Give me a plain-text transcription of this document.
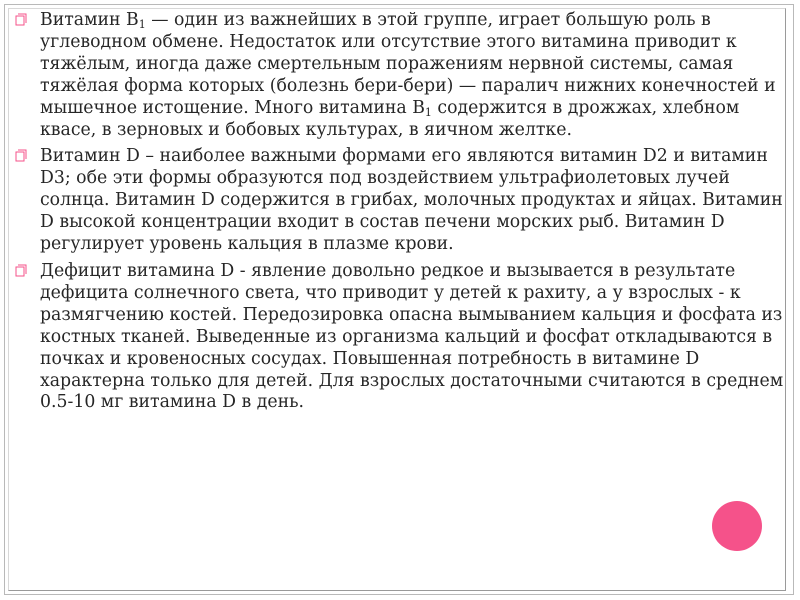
Витамин $B_1$ — один из важнейших в этой группе, играет большую роль в углеводном обмене. Недостаток или отсутствие этого витамина приводит к тяжёлым, иногда даже смертельным поражениям нервной системы, самая тяжёлая форма которых (болезнь бери-бери) — паралич нижних конечностей и мышечное истощение. Много витамина $B_1$ содержится в дрожжах, хлебном квасе, в зерновых и бобовых культурах, в яичном желтке.
Витамин D – наиболее важными формами его являются витамин D2 и витамин D3; обе эти формы образуются под воздействием ультрафиолетовых лучей солнца. Витамин D содержится в грибах, молочных продуктах и яйцах. Витамин D высокой концентрации входит в состав печени морских рыб. Витамин D регулирует уровень кальция в плазме крови.
Дефицит витамина D - явление довольно редкое и вызывается в результате дефицита солнечного света, что приводит у детей к рахиту, а у взрослых - к размягчению костей. Передозировка опасна вымыванием кальция и фосфата из костных тканей. Выведенные из организма кальций и фосфат откладываются в почках и кровеносных сосудах. Повышенная потребность в витамине D характерна только для детей. Для взрослых достаточными считаются в среднем 0.5-10 мг витамина D в день.
